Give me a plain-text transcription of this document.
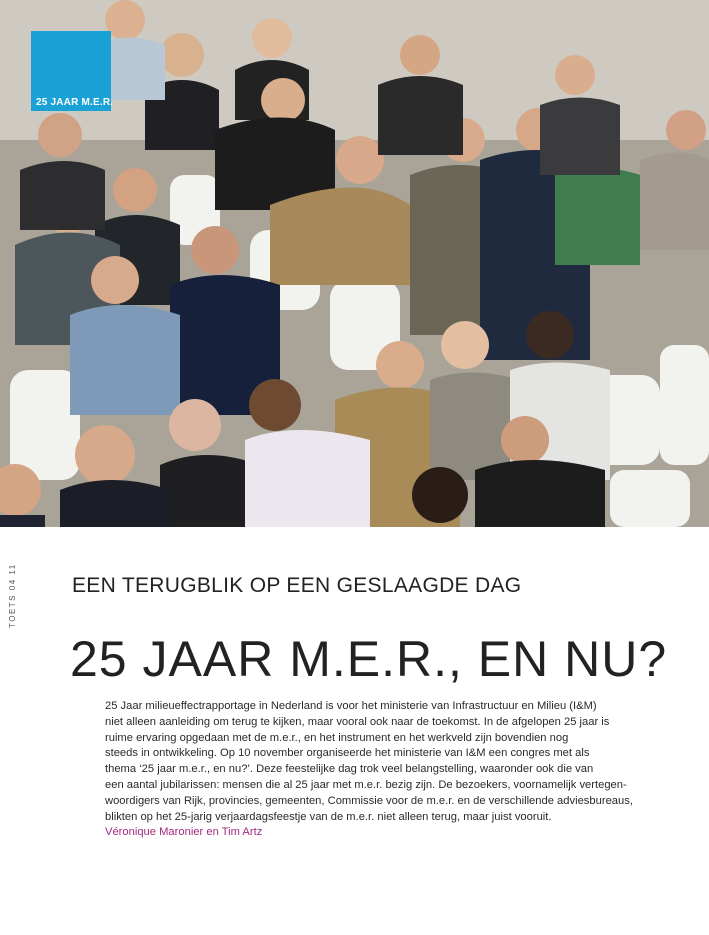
25 JAAR M.E.R.
TOETS 04 11	EEN TERUGBLIK OP EEN GESLAAGDE DAG
25 JAAR M.E.R., EN NU?

25 Jaar milieueffectrapportage in Nederland is voor het ministerie van Infrastructuur en Milieu (I&M)

niet alleen aanleiding om terug te kijken, maar vooral ook naar de toekomst. In de afgelopen 25 jaar is

ruime ervaring opgedaan met de m.e.r., en het instrument en het werkveld zijn bovendien nog

steeds in ontwikkeling. Op 10 november organiseerde het ministerie van I&M een congres met als

thema ‘25 jaar m.e.r., en nu?’. Deze feestelijke dag trok veel belangstelling, waaronder ook die van

een aantal jubilarissen: mensen die al 25 jaar met m.e.r. bezig zijn. De bezoekers, voornamelijk vertegen-

woordigers van Rijk, provincies, gemeenten, Commissie voor de m.e.r. en de verschillende adviesbureaus,

blikten op het 25-jarig verjaardagsfeestje van de m.e.r. niet alleen terug, maar juist vooruit.

Véronique Maronier en Tim Artz
